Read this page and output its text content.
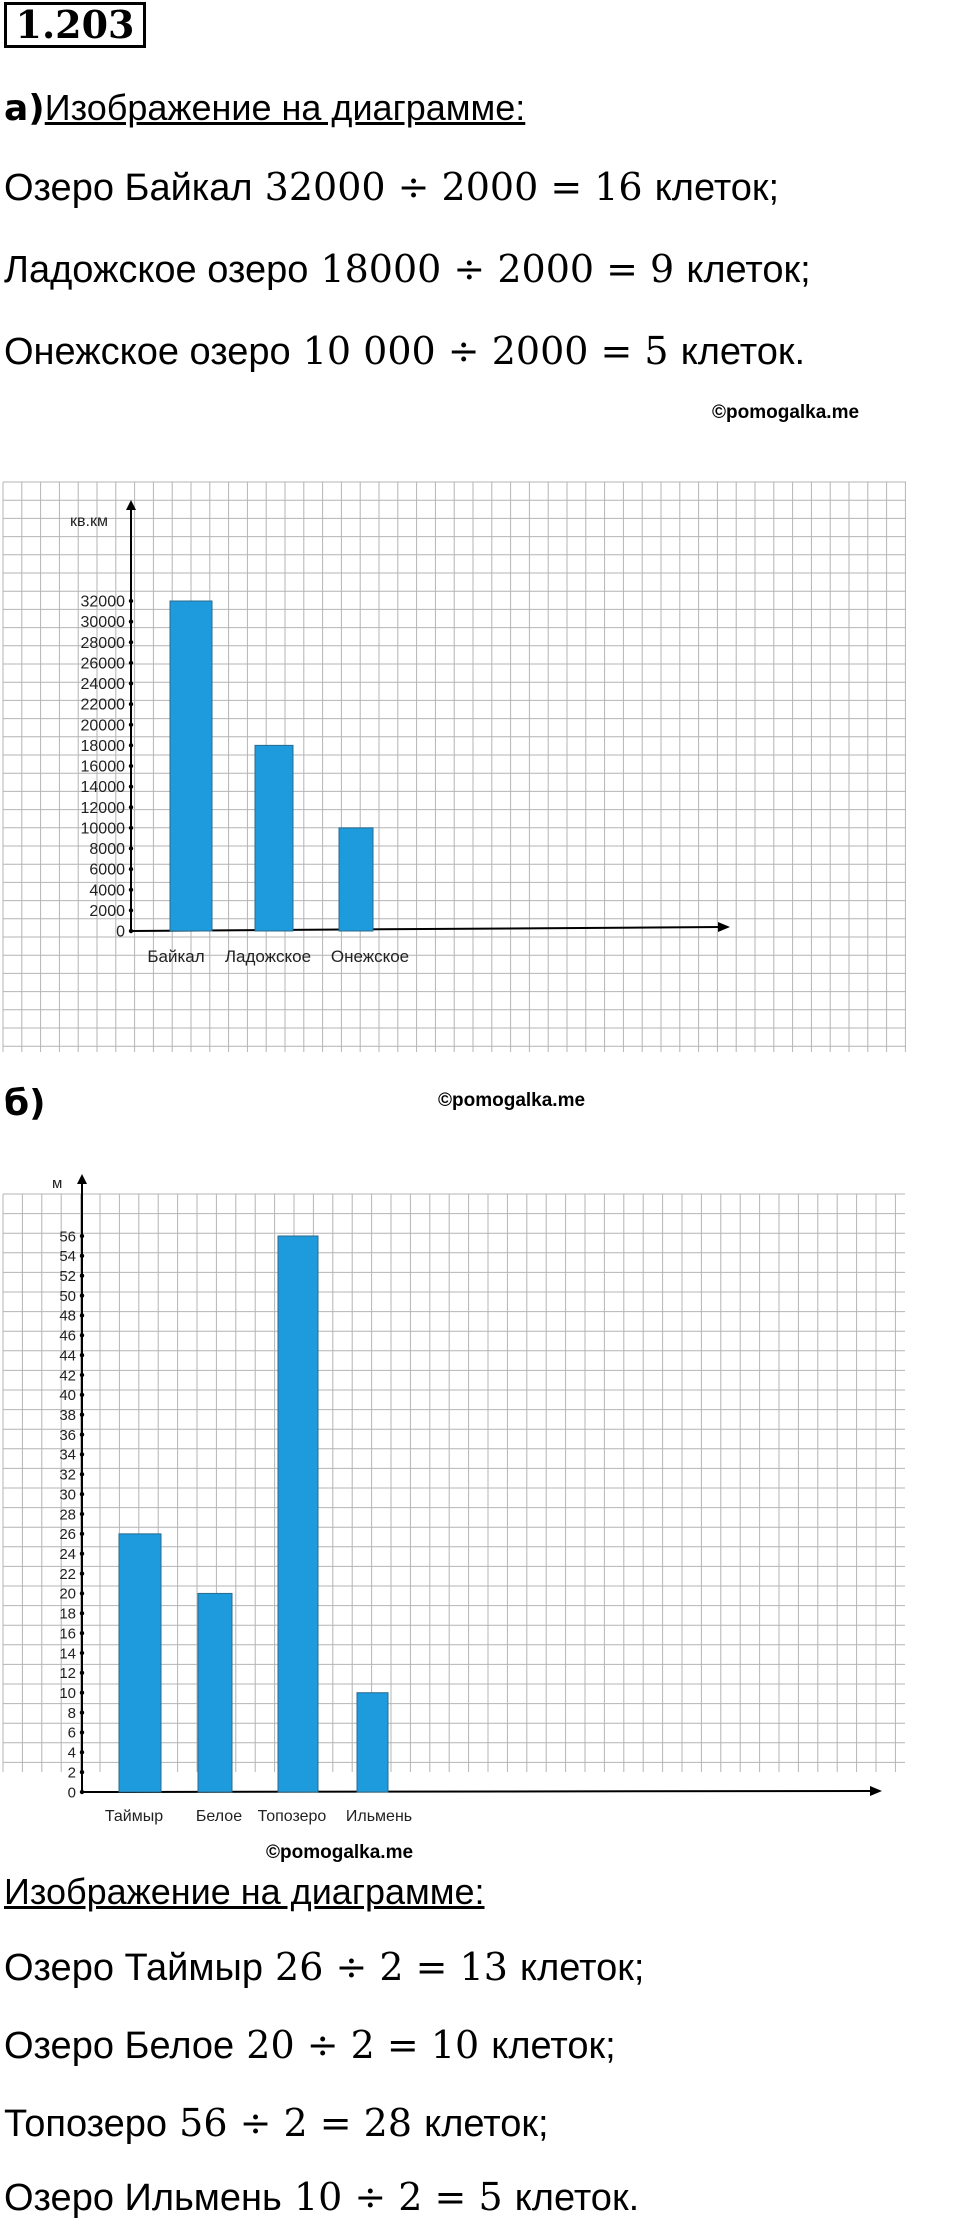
1.203
а)Изображение на диаграмме:
Озеро Байкал 32000 ÷ 2000 = 16 клеток;
Ладожское озеро 18000 ÷ 2000 = 9 клеток;
Онежское озеро 10 000 ÷ 2000 = 5 клеток.
©pomogalka.me
кв.км
0
2000
4000
6000
8000
10000
12000
14000
16000
18000
20000
22000
24000
26000
28000
30000
32000
Байкал Ладожское Онежское
б)	©pomogalka.me
м
0
2
4
6
8
10
12
14
16
18
20
22
24
26
28
30
32
34
36
38
40
42
44
46
48
50
52
54
56
Таймыр Белое Топозеро Ильмень
©pomogalka.me
Изображение на диаграмме:
Озеро Таймыр 26 ÷ 2 = 13 клеток;
Озеро Белое 20 ÷ 2 = 10 клеток;
Топозеро 56 ÷ 2 = 28 клеток;
Озеро Ильмень 10 ÷ 2 = 5 клеток.
